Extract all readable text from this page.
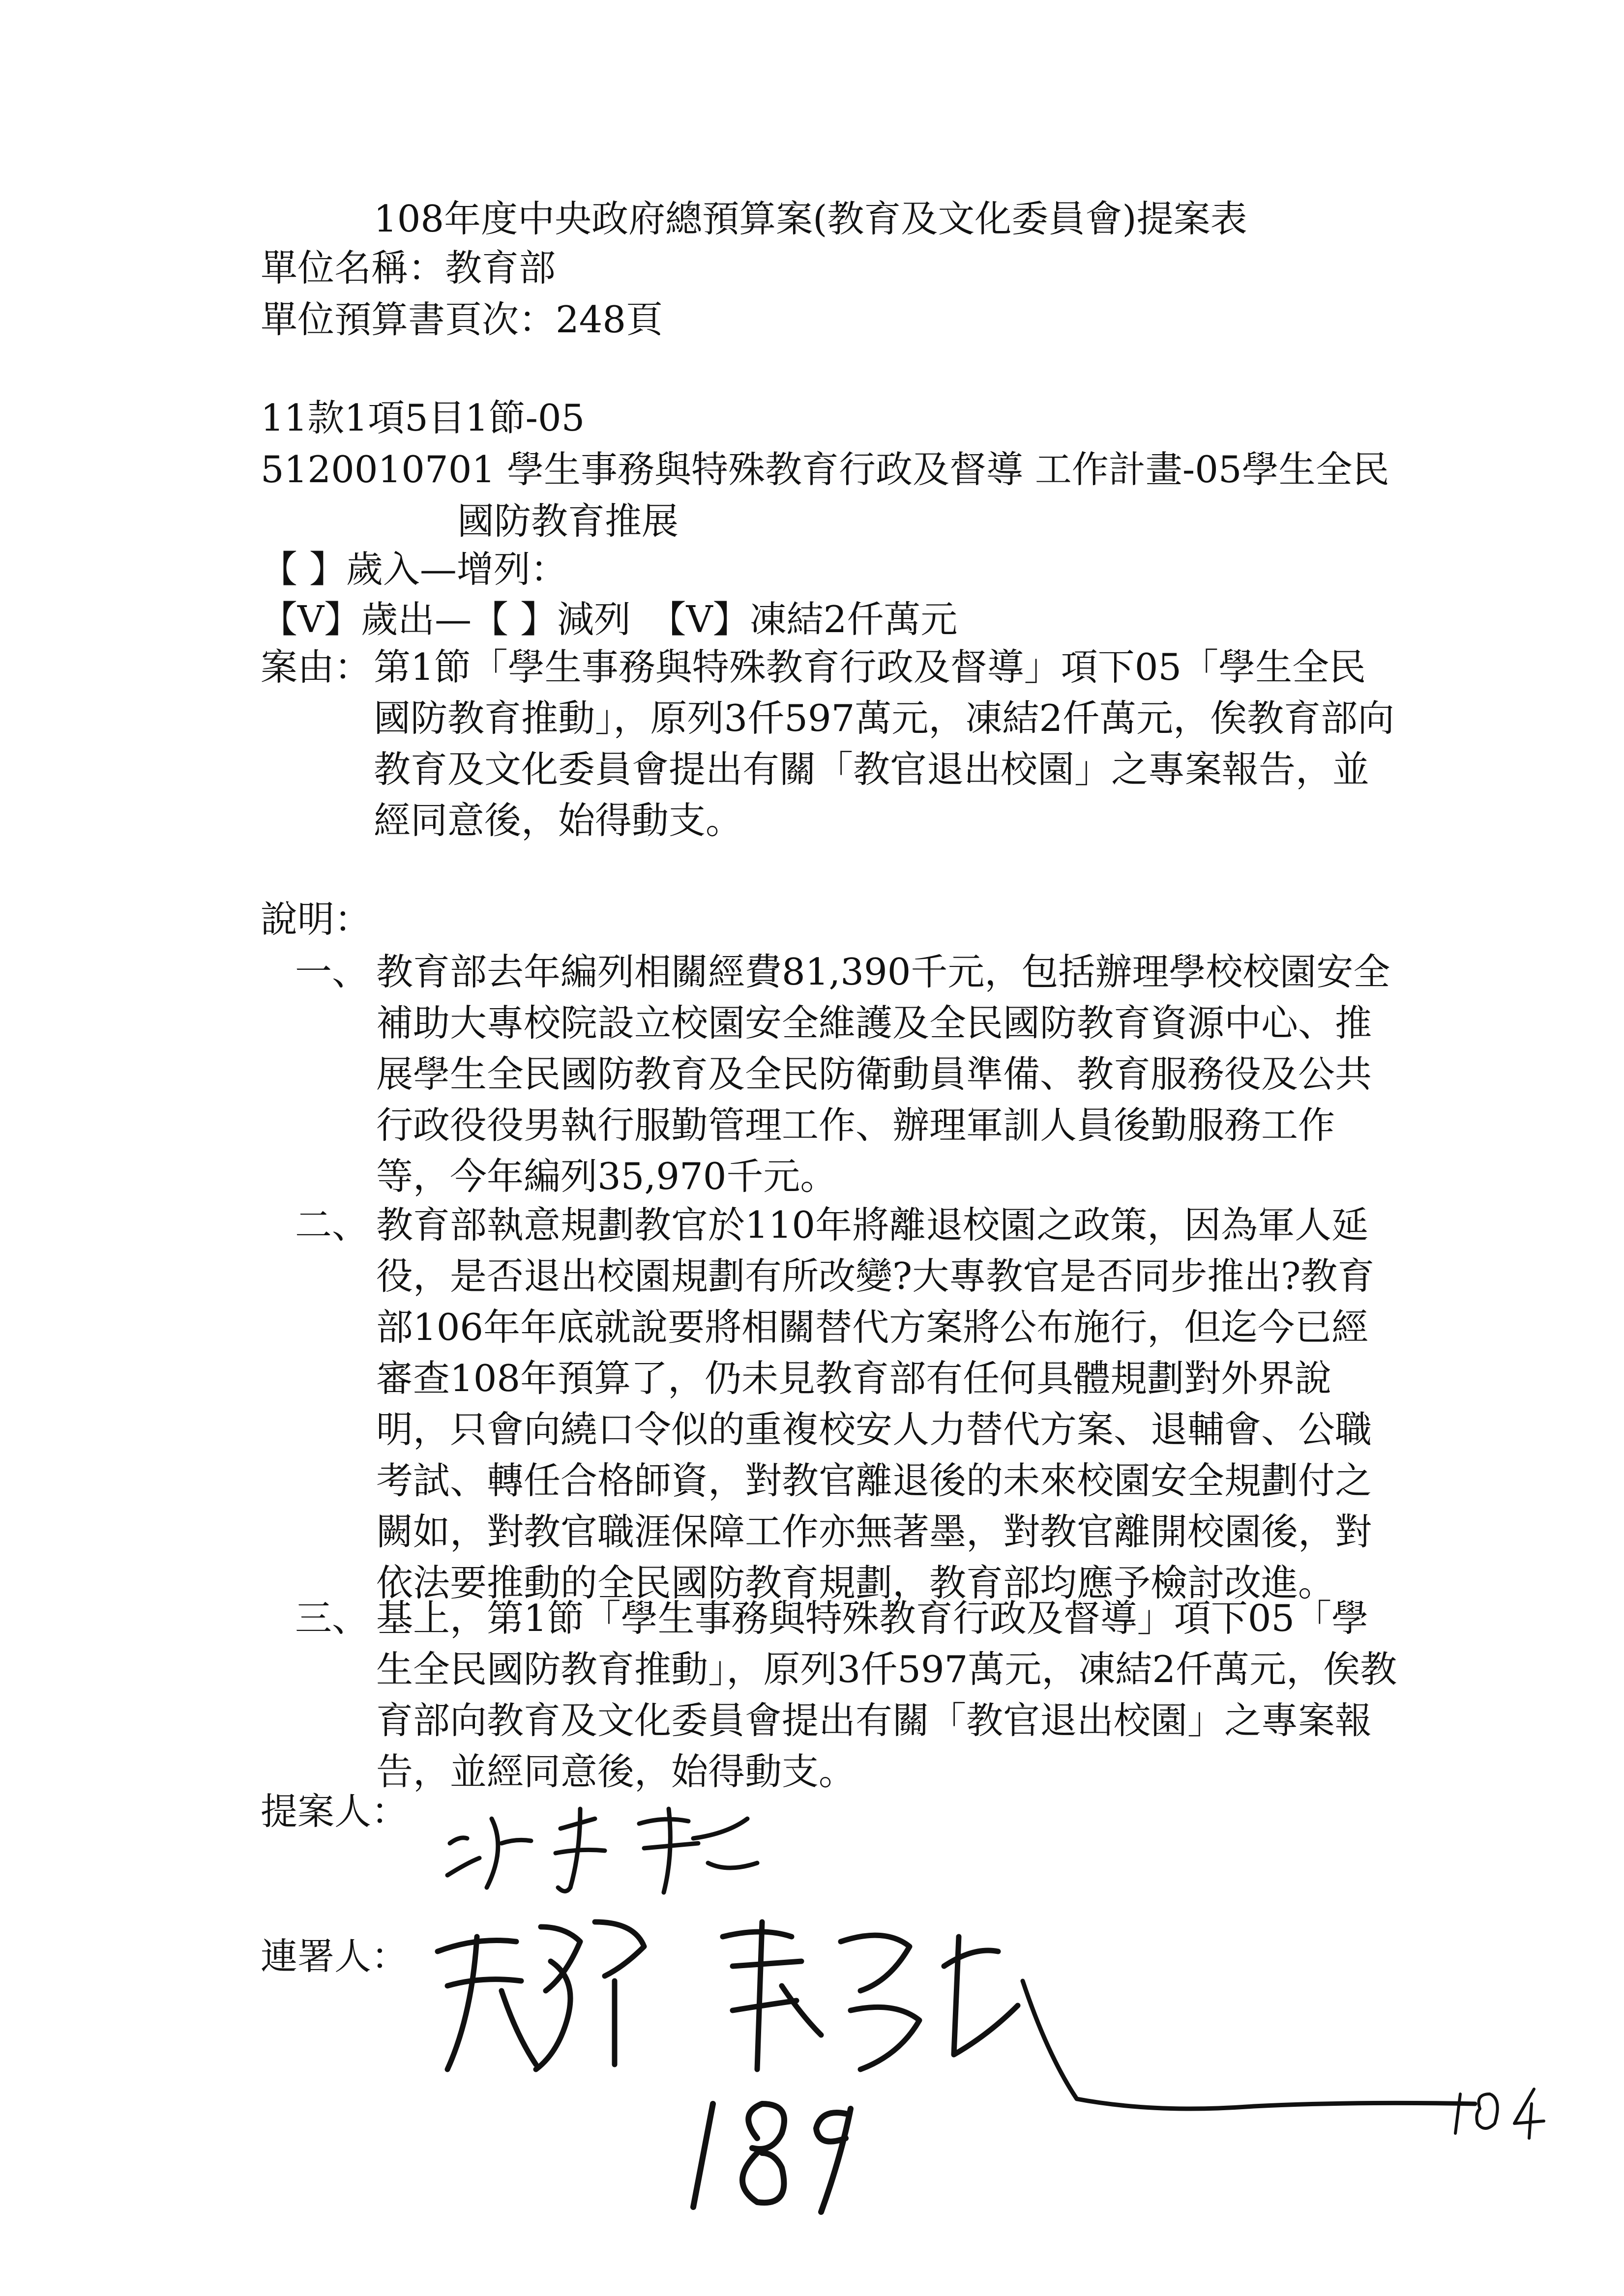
108年度中央政府總預算案(教育及文化委員會)提案表
單位名稱：教育部
單位預算書頁次：248頁
11款1項5目1節-05
5120010701 學生事務與特殊教育行政及督導 工作計畫-05學生全民
國防教育推展
【 】歲入—增列：
【V】歲出—【 】減列　【V】凍結2仟萬元
案由： 第1節「學生事務與特殊教育行政及督導」項下05「學生全民國防教育推動」，原列3仟597萬元，凍結2仟萬元，俟教育部向教育及文化委員會提出有關「教官退出校園」之專案報告，並經同意後，始得動支。
說明：
一、 教育部去年編列相關經費81,390千元，包括辦理學校校園安全補助大專校院設立校園安全維護及全民國防教育資源中心、推展學生全民國防教育及全民防衛動員準備、教育服務役及公共行政役役男執行服勤管理工作、辦理軍訓人員後勤服務工作等，今年編列35,970千元。
二、 教育部執意規劃教官於110年將離退校園之政策，因為軍人延役，是否退出校園規劃有所改變?大專教官是否同步推出?教育部106年年底就說要將相關替代方案將公布施行，但迄今已經審查108年預算了，仍未見教育部有任何具體規劃對外界說明，只會向繞口令似的重複校安人力替代方案、退輔會、公職考試、轉任合格師資，對教官離退後的未來校園安全規劃付之闕如，對教官職涯保障工作亦無著墨，對教官離開校園後，對依法要推動的全民國防教育規劃，教育部均應予檢討改進。
三、 基上，第1節「學生事務與特殊教育行政及督導」項下05「學生全民國防教育推動」，原列3仟597萬元，凍結2仟萬元，俟教育部向教育及文化委員會提出有關「教官退出校園」之專案報告，並經同意後，始得動支。
提案人：
連署人：
